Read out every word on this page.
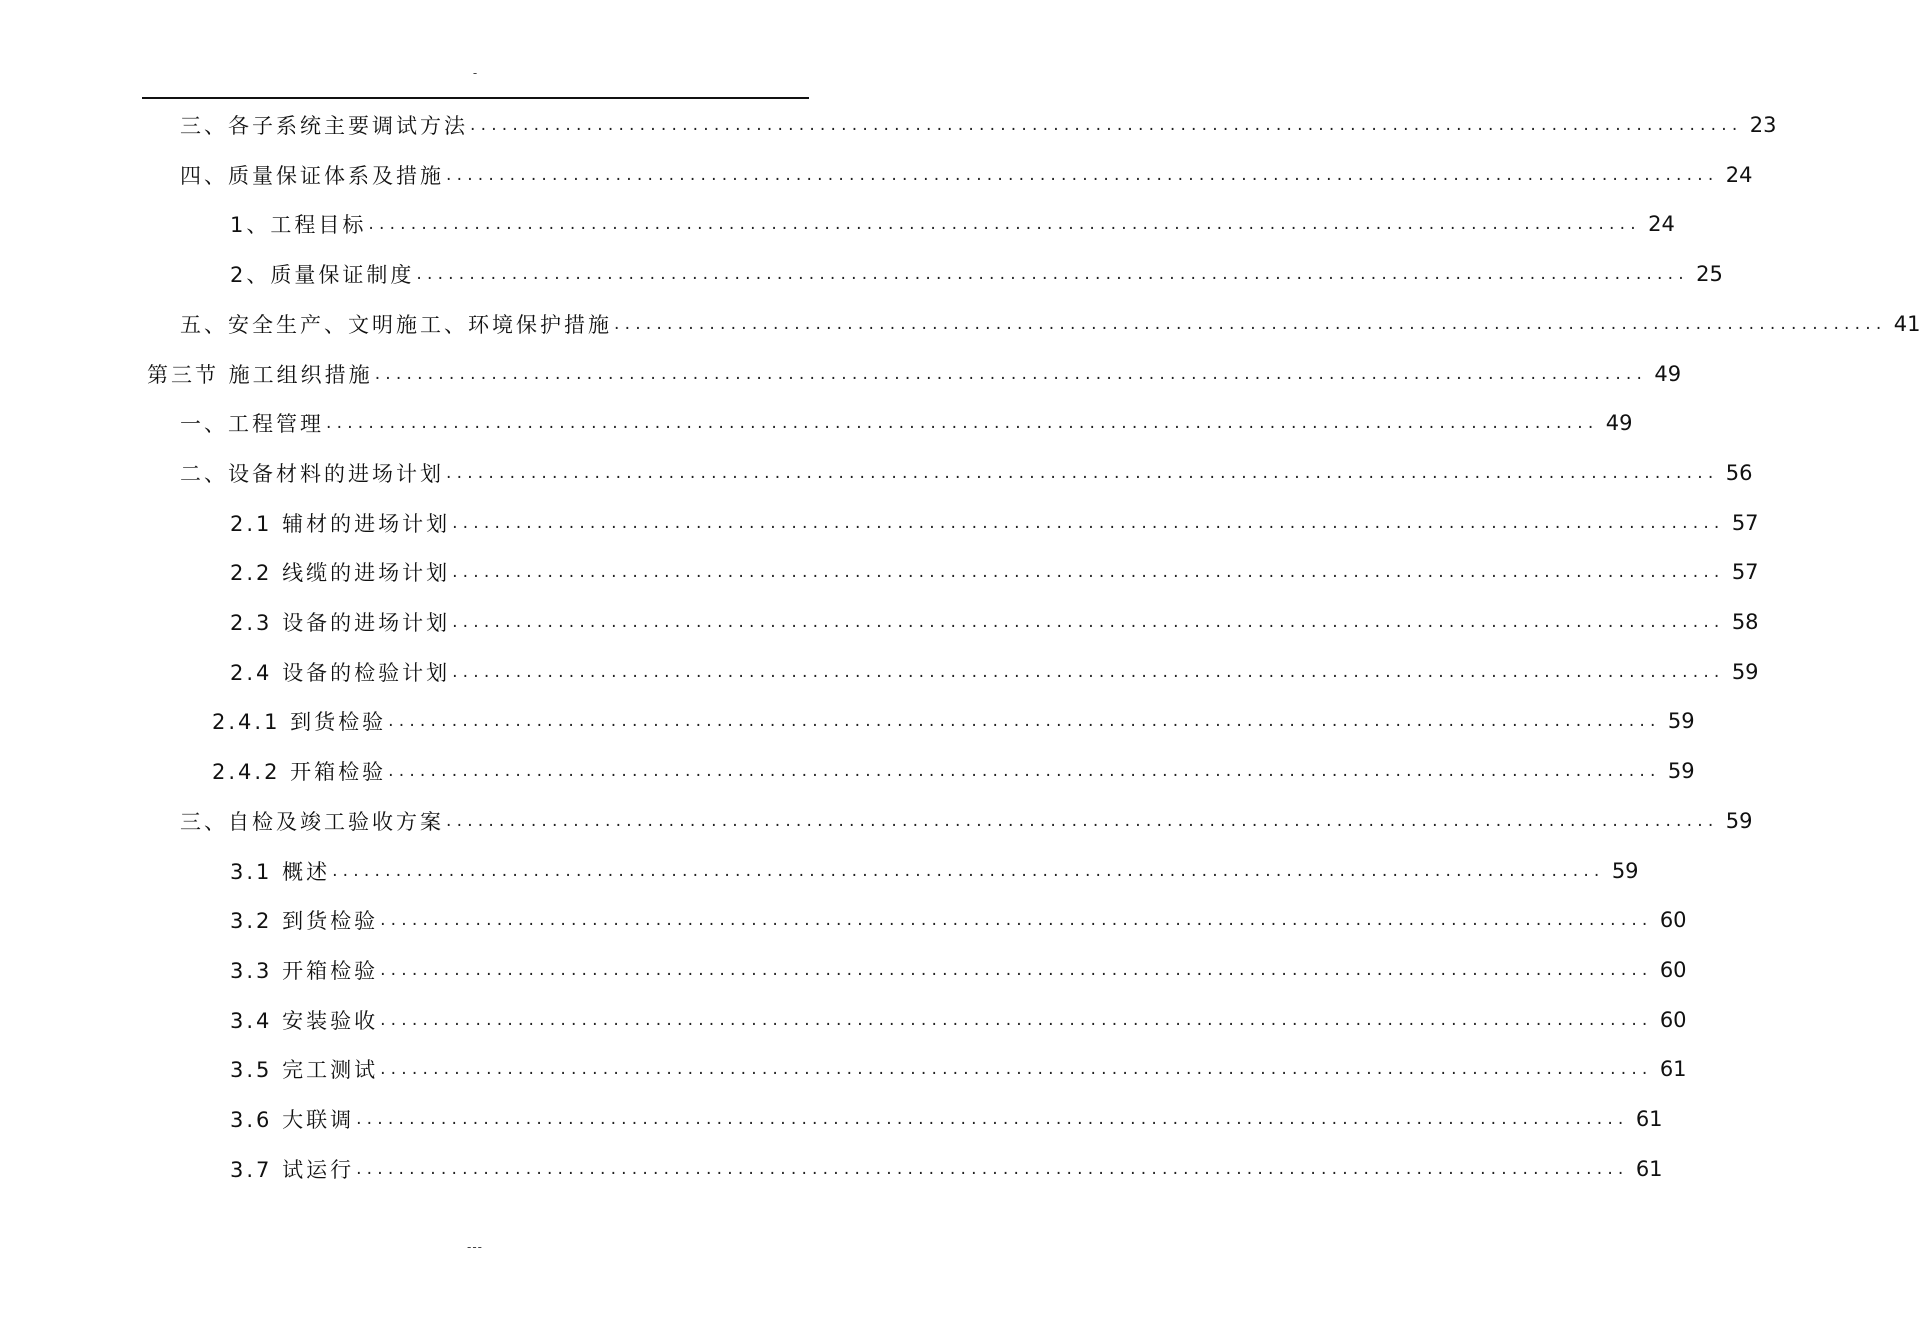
-
三、各子系统主要调试方法 ........................................................................................................................ 23
四、质量保证体系及措施 ........................................................................................................................ 24
1、工程目标 ........................................................................................................................ 24
2、质量保证制度 ........................................................................................................................ 25
五、安全生产、文明施工、环境保护措施 ........................................................................................................................ 41
第三节 施工组织措施 ........................................................................................................................ 49
一、工程管理 ........................................................................................................................ 49
二、设备材料的进场计划 ........................................................................................................................ 56
2.1 辅材的进场计划 ........................................................................................................................ 57
2.2 线缆的进场计划 ........................................................................................................................ 57
2.3 设备的进场计划 ........................................................................................................................ 58
2.4 设备的检验计划 ........................................................................................................................ 59
2.4.1 到货检验 ........................................................................................................................ 59
2.4.2 开箱检验 ........................................................................................................................ 59
三、自检及竣工验收方案 ........................................................................................................................ 59
3.1 概述 ........................................................................................................................ 59
3.2 到货检验 ........................................................................................................................ 60
3.3 开箱检验 ........................................................................................................................ 60
3.4 安装验收 ........................................................................................................................ 60
3.5 完工测试 ........................................................................................................................ 61
3.6 大联调 ........................................................................................................................ 61
3.7 试运行 ........................................................................................................................ 61
---
